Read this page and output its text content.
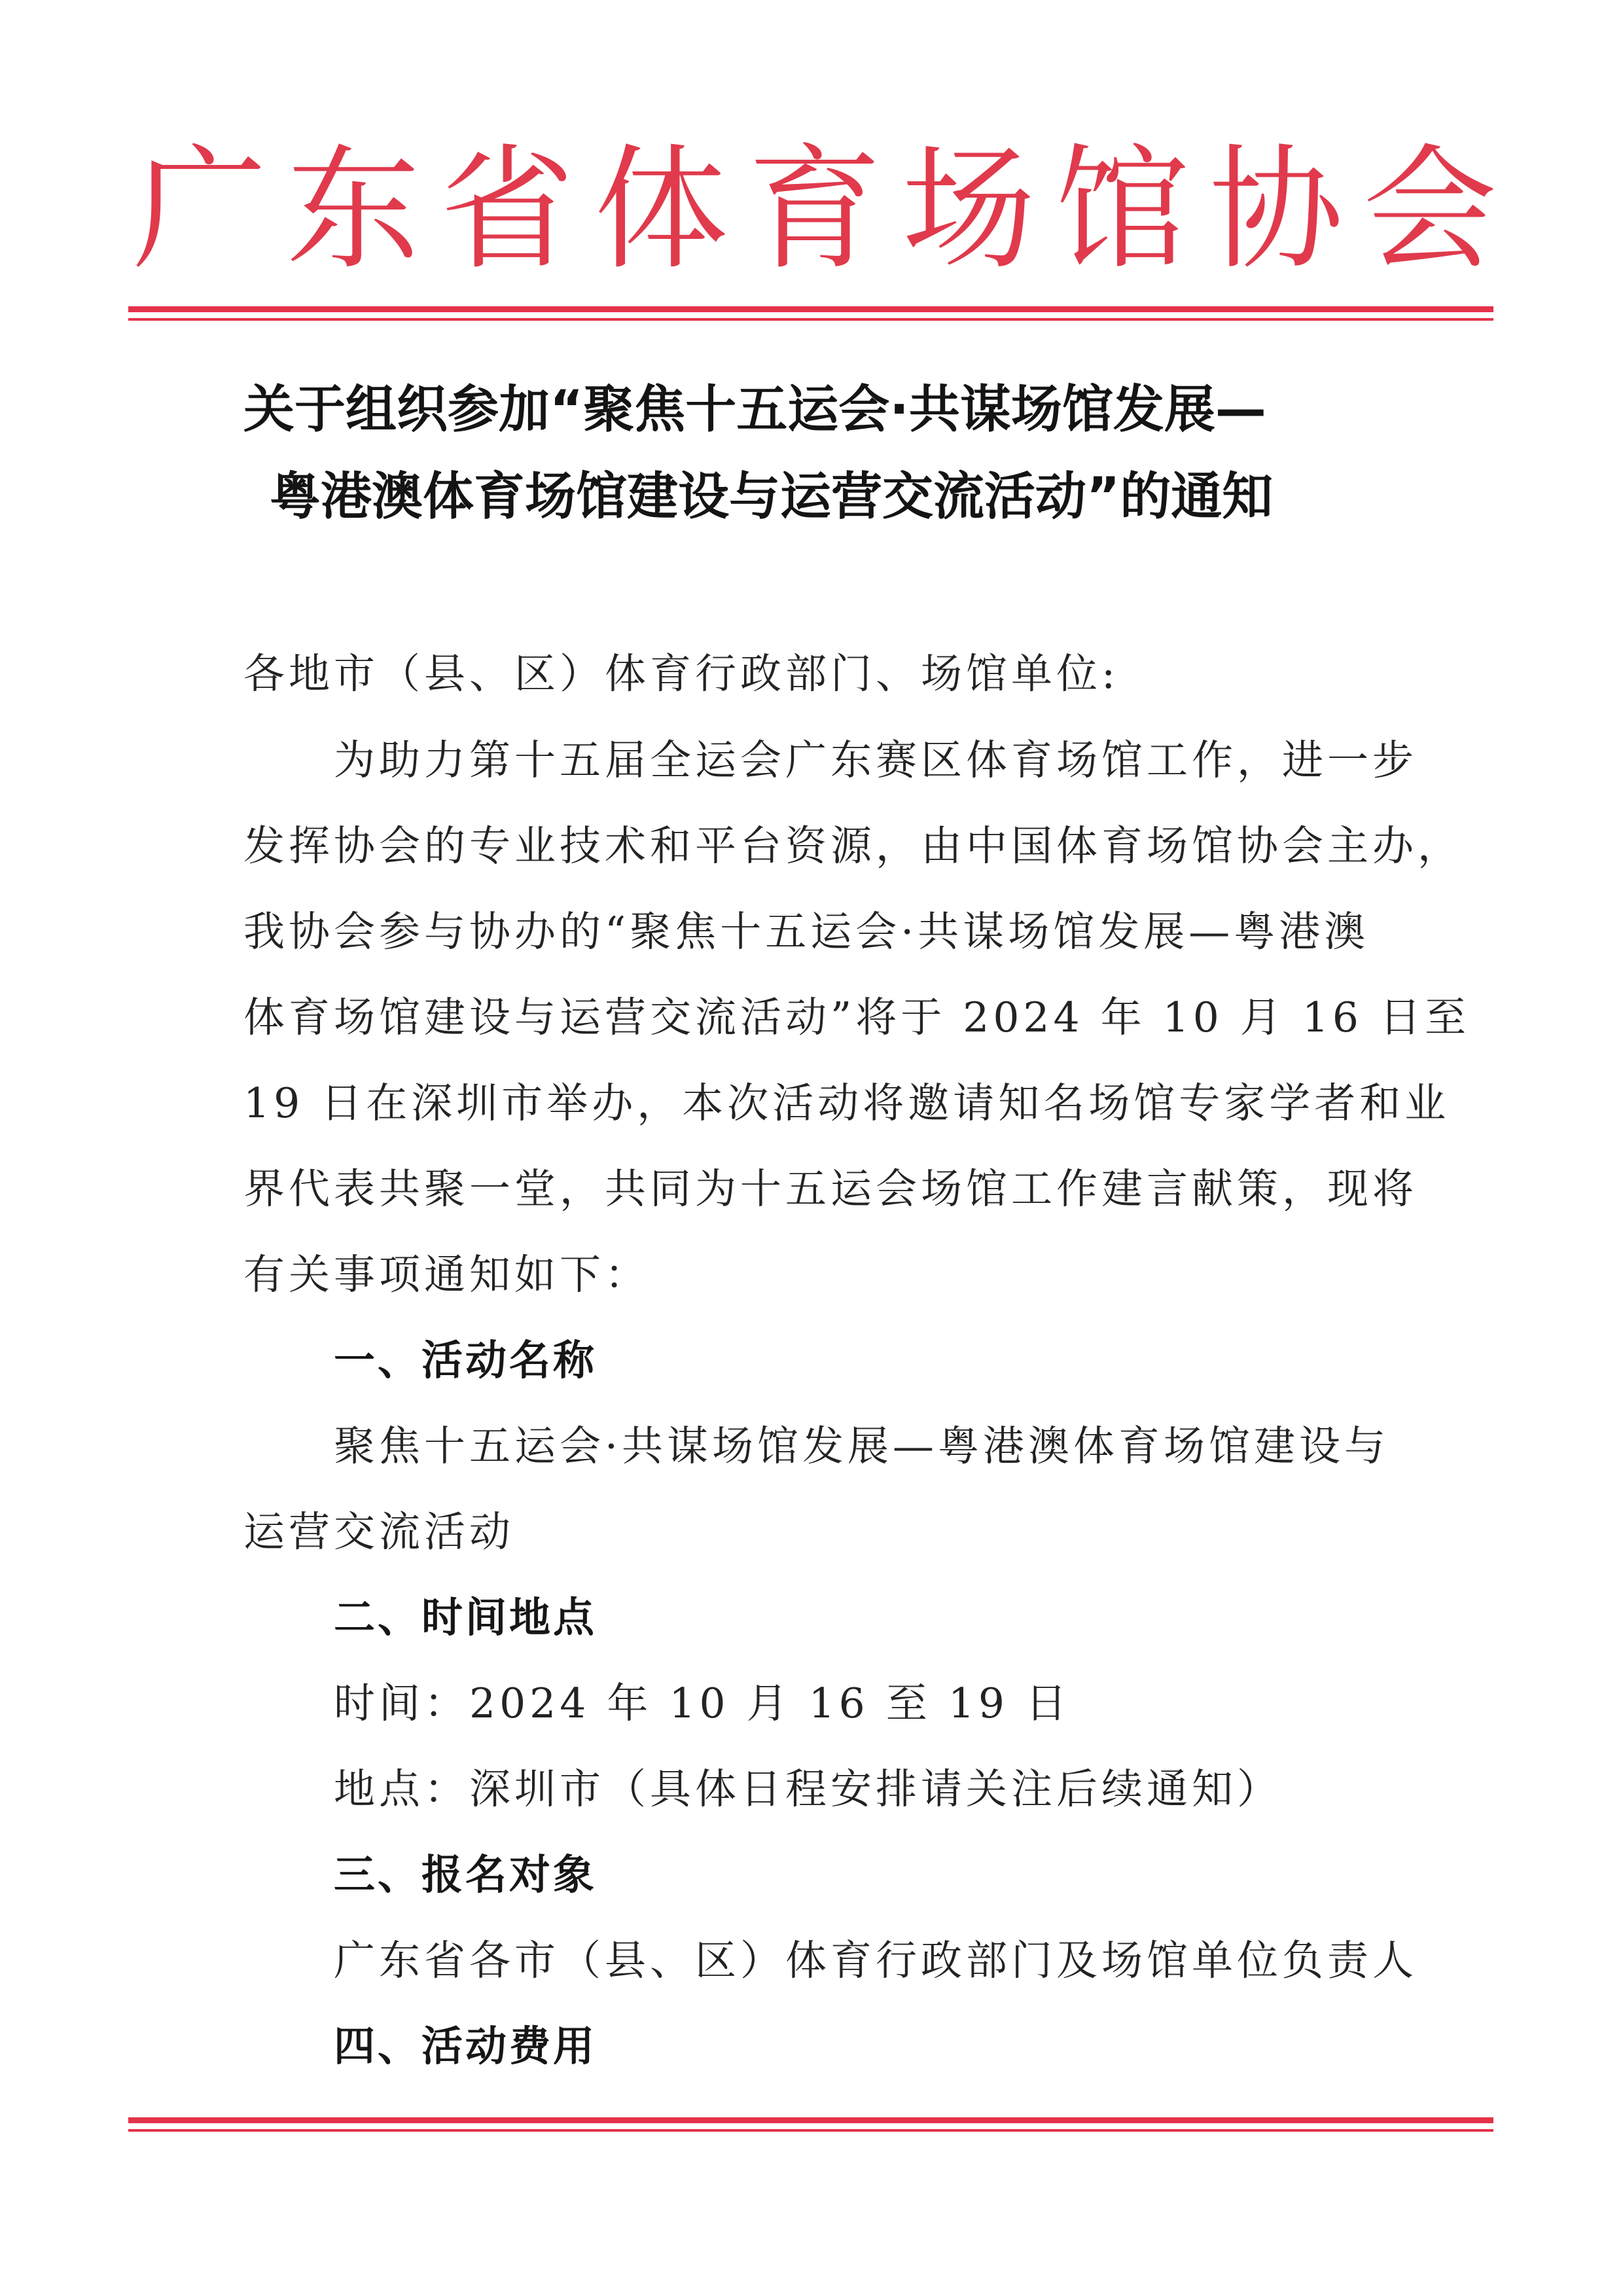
广 东 省 体 育 场 馆 协 会
关于组织参加“聚焦十五运会·共谋场馆发展—
粤港澳体育场馆建设与运营交流活动”的通知
各地市（县、区）体育行政部门、场馆单位:
为助力第十五届全运会广东赛区体育场馆工作，进一步
发挥协会的专业技术和平台资源，由中国体育场馆协会主办，
我协会参与协办的“聚焦十五运会·共谋场馆发展—粤港澳
体育场馆建设与运营交流活动”将于 2024 年 10 月 16 日至
19 日在深圳市举办，本次活动将邀请知名场馆专家学者和业
界代表共聚一堂，共同为十五运会场馆工作建言献策，现将
有关事项通知如下：
一、活动名称
聚焦十五运会·共谋场馆发展—粤港澳体育场馆建设与
运营交流活动
二、时间地点
时间：2024 年 10 月 16 至 19 日
地点：深圳市（具体日程安排请关注后续通知）
三、报名对象
广东省各市（县、区）体育行政部门及场馆单位负责人
四、活动费用
